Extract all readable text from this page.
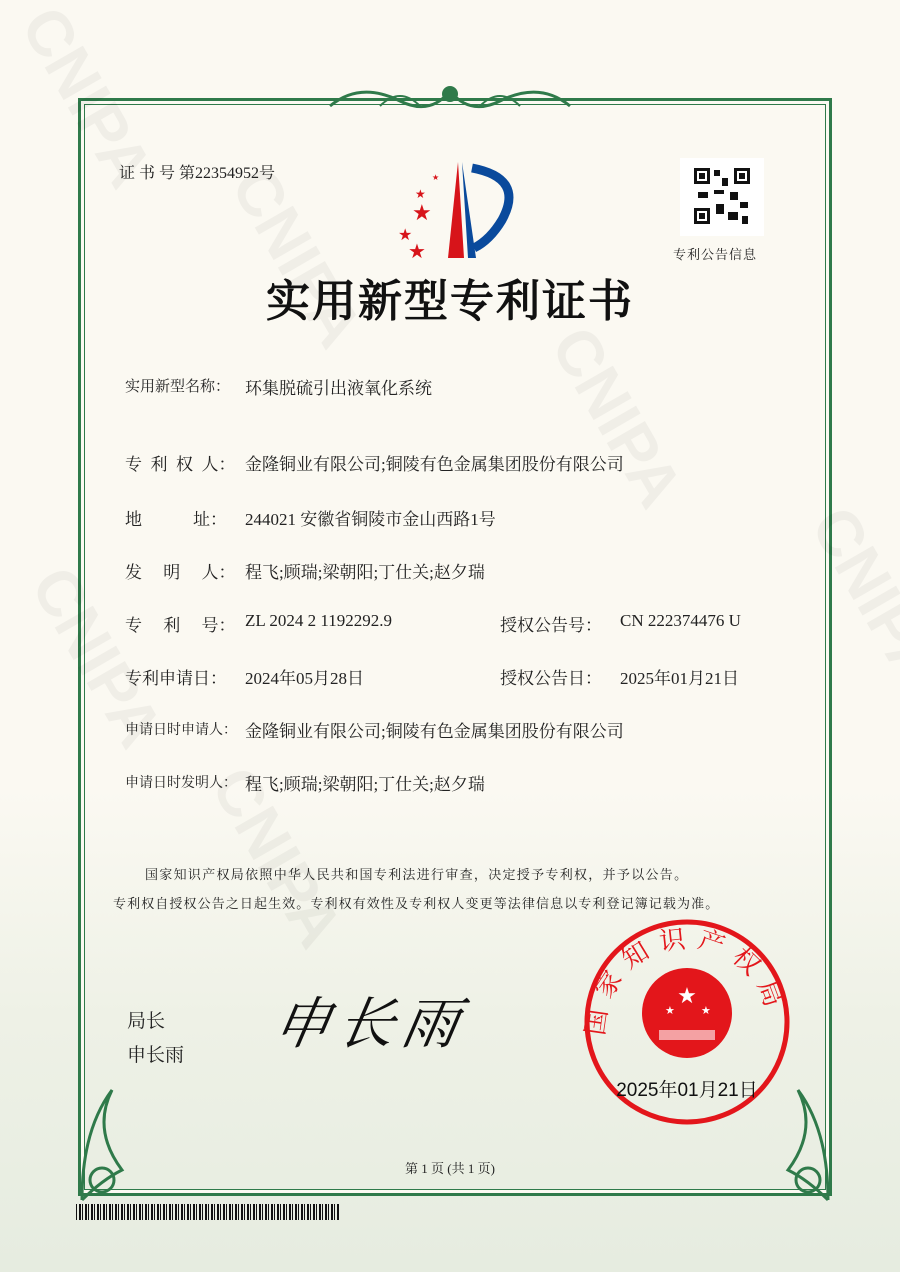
证 书 号 第22354952号
★
★
★
★
★
专利公告信息
实用新型专利证书
实用新型名称： 环集脱硫引出液氧化系统
专  利  权  人： 金隆铜业有限公司;铜陵有色金属集团股份有限公司
地            址： 244021 安徽省铜陵市金山西路1号
发     明     人： 程飞;顾瑞;梁朝阳;丁仕关;赵夕瑞
专     利     号： ZL 2024 2 1192292.9	授权公告号： CN 222374476 U
专利申请日： 2024年05月28日	授权公告日： 2025年01月21日
申请日时申请人： 金隆铜业有限公司;铜陵有色金属集团股份有限公司
申请日时发明人： 程飞;顾瑞;梁朝阳;丁仕关;赵夕瑞
国家知识产权局依照中华人民共和国专利法进行审查，决定授予专利权，并予以公告。
专利权自授权公告之日起生效。专利权有效性及专利权人变更等法律信息以专利登记簿记载为准。
局长
申长雨 申长雨	国家知识产权局
★
★ ★
2025年01月21日
第 1 页 (共 1 页)
